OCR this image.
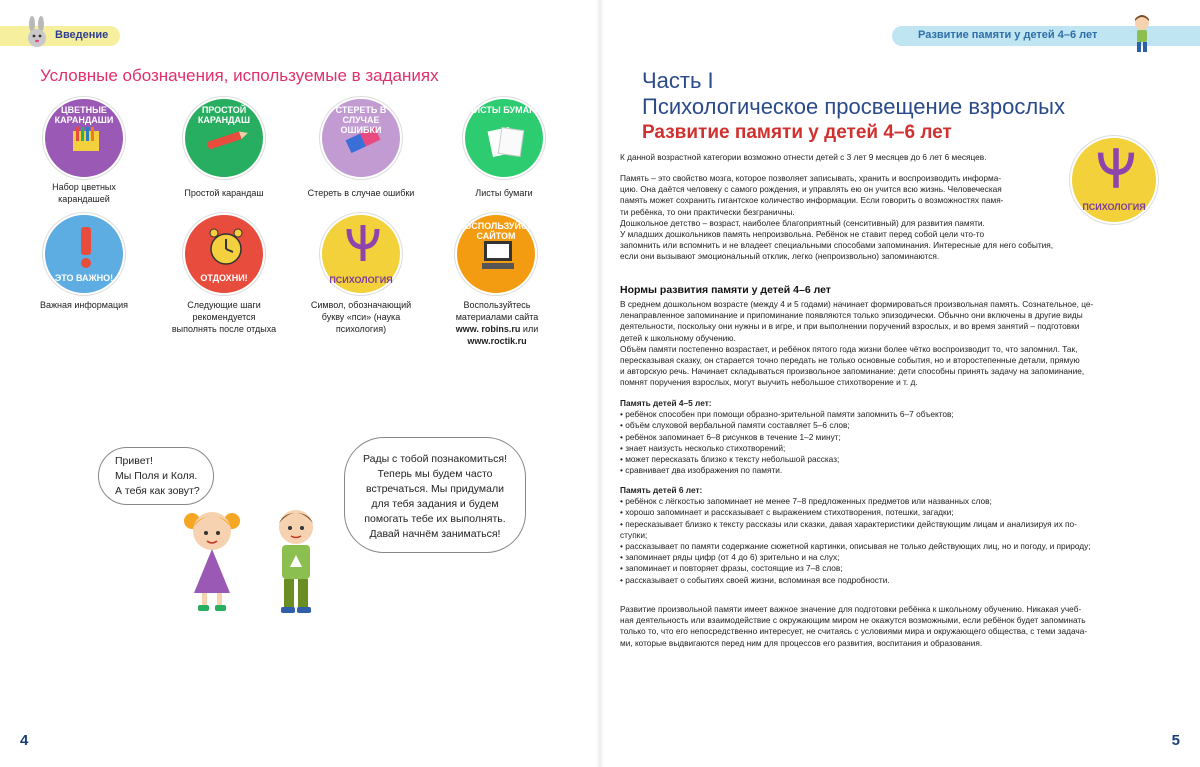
Введение	Развитие памяти у детей 4–6 лет
Условные обозначения, используемые в заданиях
ЦВЕТНЫЕ КАРАНДАШИ
Набор цветных карандашей
ПРОСТОЙ КАРАНДАШ
Простой карандаш
СТЕРЕТЬ В СЛУЧАЕ ОШИБКИ
Стереть в случае ошибки
ЛИСТЫ БУМАГИ
Листы бумаги
ЭТО ВАЖНО!
Важная информация
ОТДОХНИ!
Следующие шаги рекомендуется выполнять после отдыха
ПСИХОЛОГИЯ
Символ, обозначающий букву «пси» (наука психология)
ВОСПОЛЬЗУЙСЯ САЙТОМ
Воспользуйтесь материалами сайта
www. robins.ru или
www.roctik.ru

Привет!

Мы Поля и Коля.

А тебя как зовут?

Рады с тобой познакомиться!

Теперь мы будем часто

встречаться. Мы придумали

для тебя задания и будем

помогать тебе их выполнять.

Давай начнём заниматься!

4
Часть I
Психологическое просвещение взрослых
Развитие памяти у детей 4–6 лет
ПСИХОЛОГИЯ
К данной возрастной категории возможно отнести детей с 3 лет 9 месяцев до 6 лет 6 месяцев.
Память – это свойство мозга, которое позволяет записывать, хранить и воспроизводить информа-
цию. Она даётся человеку с самого рождения, и управлять ею он учится всю жизнь. Человеческая
память может сохранить гигантское количество информации. Если говорить о возможностях памя-
ти ребёнка, то они практически безграничны.
Дошкольное детство – возраст, наиболее благоприятный (сенситивный) для развития памяти.
У младших дошкольников память непроизвольна. Ребёнок не ставит перед собой цели что-то
запомнить или вспомнить и не владеет специальными способами запоминания. Интересные для него события,
если они вызывают эмоциональный отклик, легко (непроизвольно) запоминаются.
Нормы развития памяти у детей 4–6 лет
В среднем дошкольном возрасте (между 4 и 5 годами) начинает формироваться произвольная память. Сознательное, це-
ленаправленное запоминание и припоминание появляются только эпизодически. Обычно они включены в другие виды
деятельности, поскольку они нужны и в игре, и при выполнении поручений взрослых, и во время занятий – подготовки
детей к школьному обучению.
Объём памяти постепенно возрастает, и ребёнок пятого года жизни более чётко воспроизводит то, что запомнил. Так,
пересказывая сказку, он старается точно передать не только основные события, но и второстепенные детали, прямую
и авторскую речь. Начинает складываться произвольное запоминание: дети способны принять задачу на запоминание,
помнят поручения взрослых, могут выучить небольшое стихотворение и т. д.
Память детей 4–5 лет:
• ребёнок способен при помощи образно-зрительной памяти запомнить 6–7 объектов;
• объём слуховой вербальной памяти составляет 5–6 слов;
• ребёнок запоминает 6–8 рисунков в течение 1–2 минут;
• знает наизусть несколько стихотворений;
• может пересказать близко к тексту небольшой рассказ;
• сравнивает два изображения по памяти.
Память детей 6 лет:
• ребёнок с лёгкостью запоминает не менее 7–8 предложенных предметов или названных слов;
• хорошо запоминает и рассказывает с выражением стихотворения, потешки, загадки;
• пересказывает близко к тексту рассказы или сказки, давая характеристики действующим лицам и анализируя их по-
ступки;
• рассказывает по памяти содержание сюжетной картинки, описывая не только действующих лиц, но и погоду, и природу;
• запоминает ряды цифр (от 4 до 6) зрительно и на слух;
• запоминает и повторяет фразы, состоящие из 7–8 слов;
• рассказывает о событиях своей жизни, вспоминая все подробности.
Развитие произвольной памяти имеет важное значение для подготовки ребёнка к школьному обучению. Никакая учеб-
ная деятельность или взаимодействие с окружающим миром не окажутся возможными, если ребёнок будет запоминать
только то, что его непосредственно интересует, не считаясь с условиями мира и окружающего общества, с теми задача-
ми, которые выдвигаются перед ним для процессов его развития, воспитания и образования.
5
